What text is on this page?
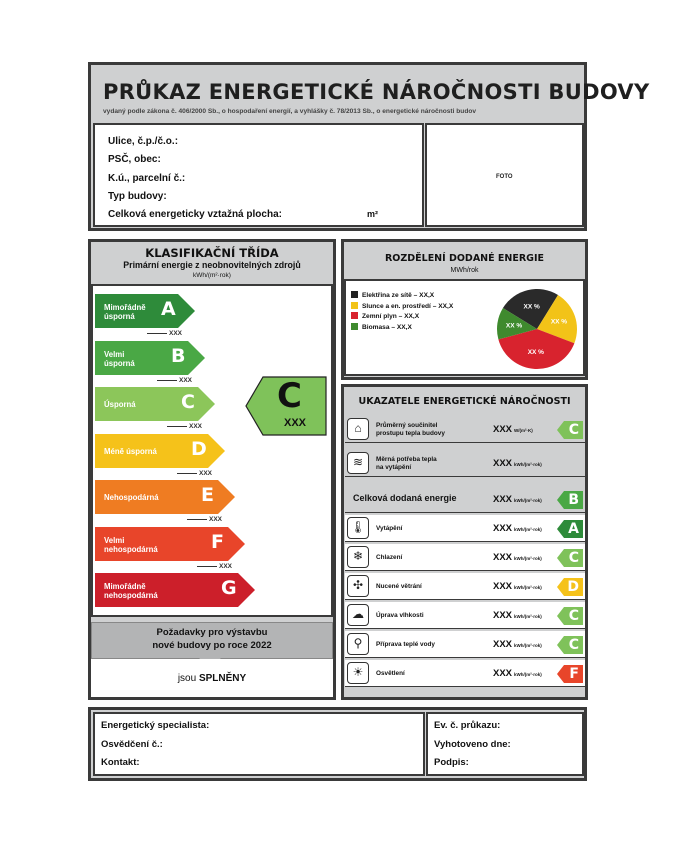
PRŮKAZ ENERGETICKÉ NÁROČNOSTI BUDOVY
vydaný podle zákona č. 406/2000 Sb., o hospodaření energií, a vyhlášky č. 78/2013 Sb., o energetické náročnosti budov
FOTO
Ulice, č.p./č.o.:
PSČ, obec:
K.ú., parcelní č.:
Typ budovy:
Celková energeticky vztažná plocha:	m²
KLASIFIKAČNÍ TŘÍDA
Primární energie z neobnovitelných zdrojů
kWh/(m²·rok)
Mimořádně
úsporná	A
XXX
Velmi
úsporná B
XXX
Úsporná C
XXX
Méně úsporná D
XXX
Nehospodárná E
XXX
Velmi
nehospodárná	F
XXX
Mimořádně
nehospodárná	G
C
XXX
Požadavky pro výstavbu
nové budovy po roce 2022
jsou SPLNĚNY
ROZDĚLENÍ DODANÉ ENERGIE
MWh/rok
Elektřina ze sítě – XX,X
Slunce a en. prostředí – XX,X
Zemní plyn – XX,X
Biomasa – XX,X
XX %
XX %
XX %
XX %
UKAZATELE ENERGETICKÉ NÁROČNOSTI
⌂	Průměrný součinitel
prostupu tepla budovy	XXX W/(m²·K)	C
≋	Měrná potřeba tepla
na vytápění	XXX kWh/(m²·rok)
Celková dodaná energie	XXX kWh/(m²·rok)	B
🌡	Vytápění	XXX kWh/(m²·rok)	A
❄	Chlazení	XXX kWh/(m²·rok)	C
✣	Nucené větrání	XXX kWh/(m²·rok)	D
☁	Úprava vlhkosti	XXX kWh/(m²·rok)	C
⚲	Příprava teplé vody	XXX kWh/(m²·rok)	C
☀	Osvětlení	XXX kWh/(m²·rok)	F
Energetický specialista:
Osvědčení č.:
Kontakt:
Ev. č. průkazu:
Vyhotoveno dne:
Podpis:
